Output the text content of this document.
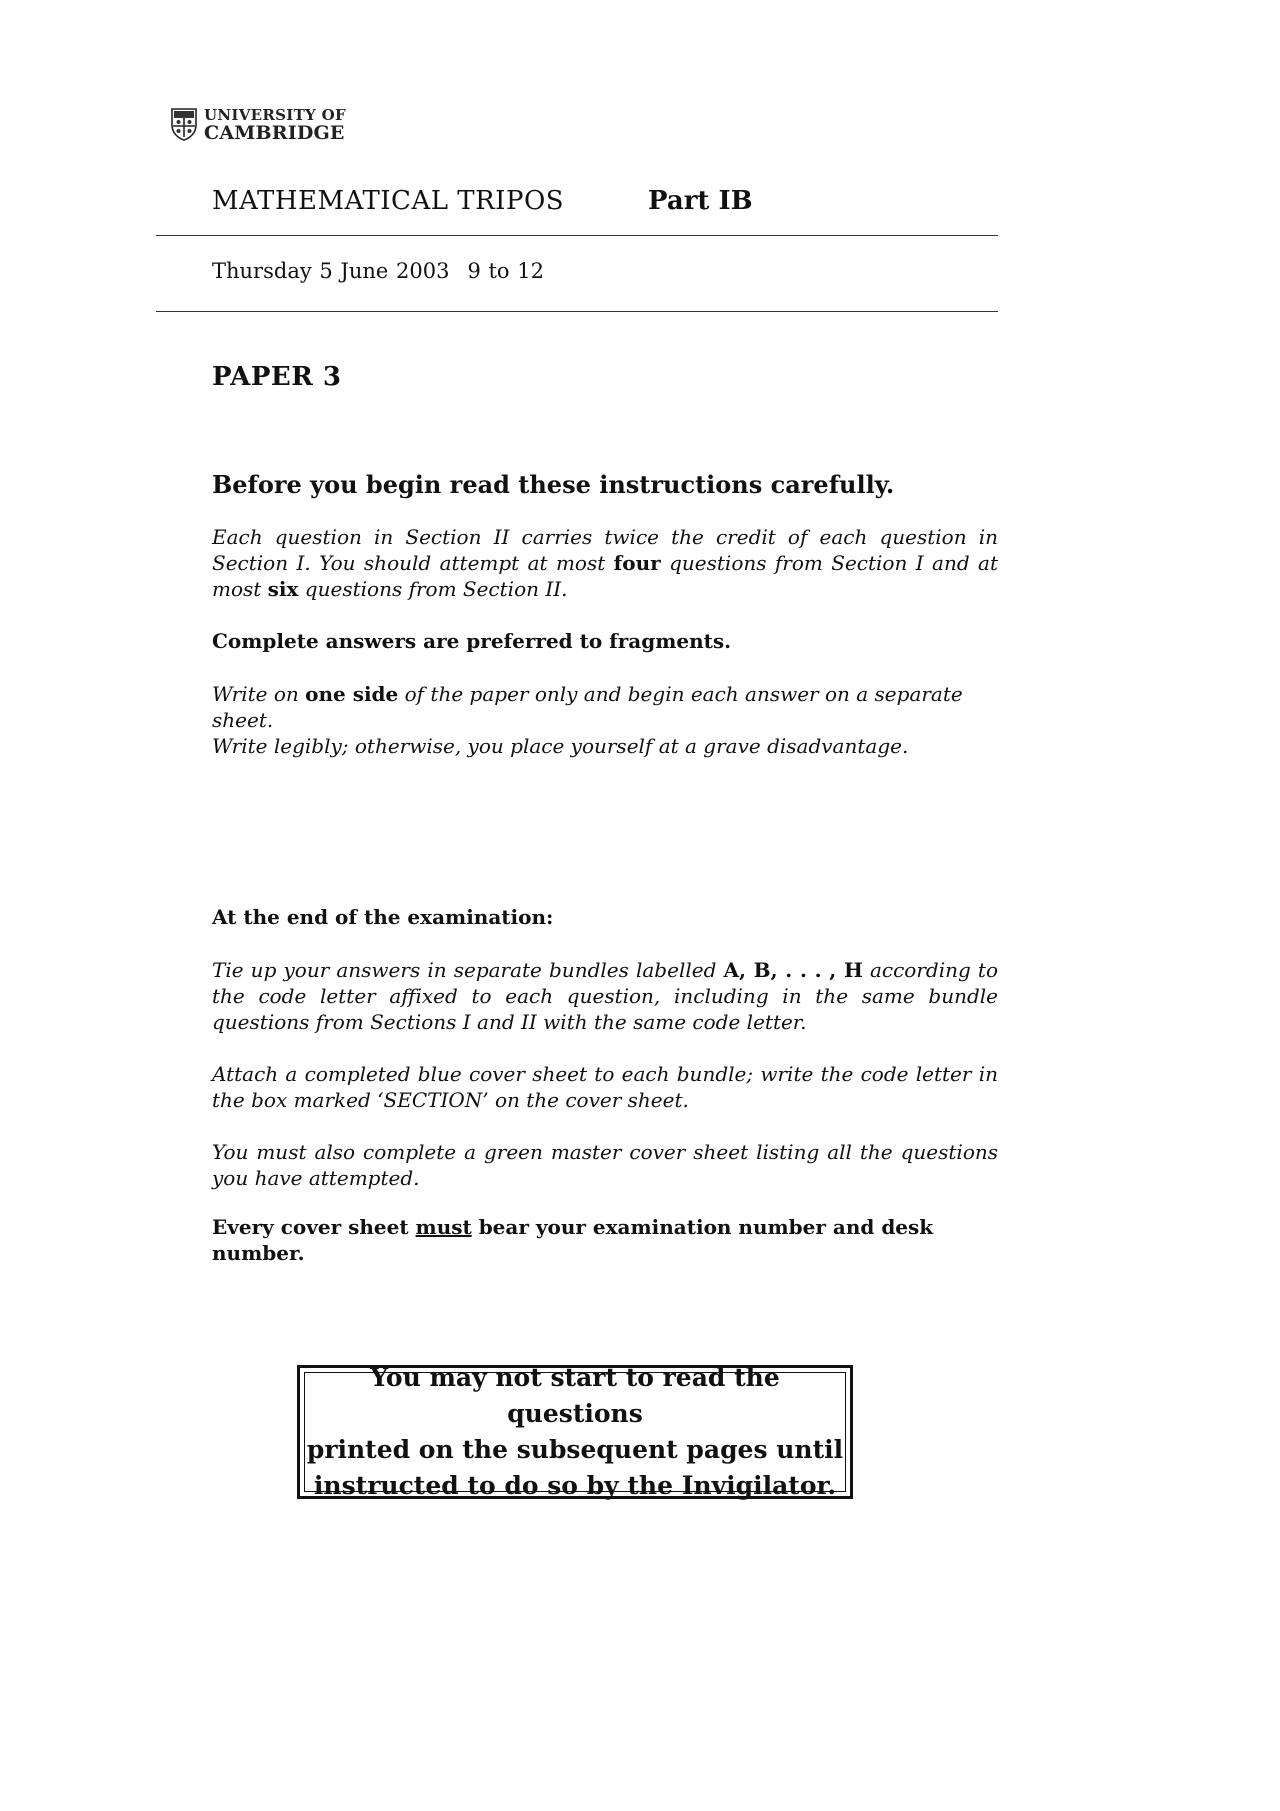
UNIVERSITY OF
CAMBRIDGE
MATHEMATICAL TRIPOS	Part IB
Thursday 5 June 2003 9 to 12
PAPER 3
Before you begin read these instructions carefully.
Each question in Section II carries twice the credit of each question in Section I. You should attempt at most four questions from Section I and at most six questions from Section II.
Complete answers are preferred to fragments.
Write on one side of the paper only and begin each answer on a separate sheet.
Write legibly; otherwise, you place yourself at a grave disadvantage.
At the end of the examination:
Tie up your answers in separate bundles labelled A, B, . . . , H according to the code letter affixed to each question, including in the same bundle questions from Sections I and II with the same code letter.
Attach a completed blue cover sheet to each bundle; write the code letter in the box marked ‘SECTION’ on the cover sheet.
You must also complete a green master cover sheet listing all the questions you have attempted.
Every cover sheet must bear your examination number and desk number.
You may not start to read the questions
printed on the subsequent pages until
instructed to do so by the Invigilator.
